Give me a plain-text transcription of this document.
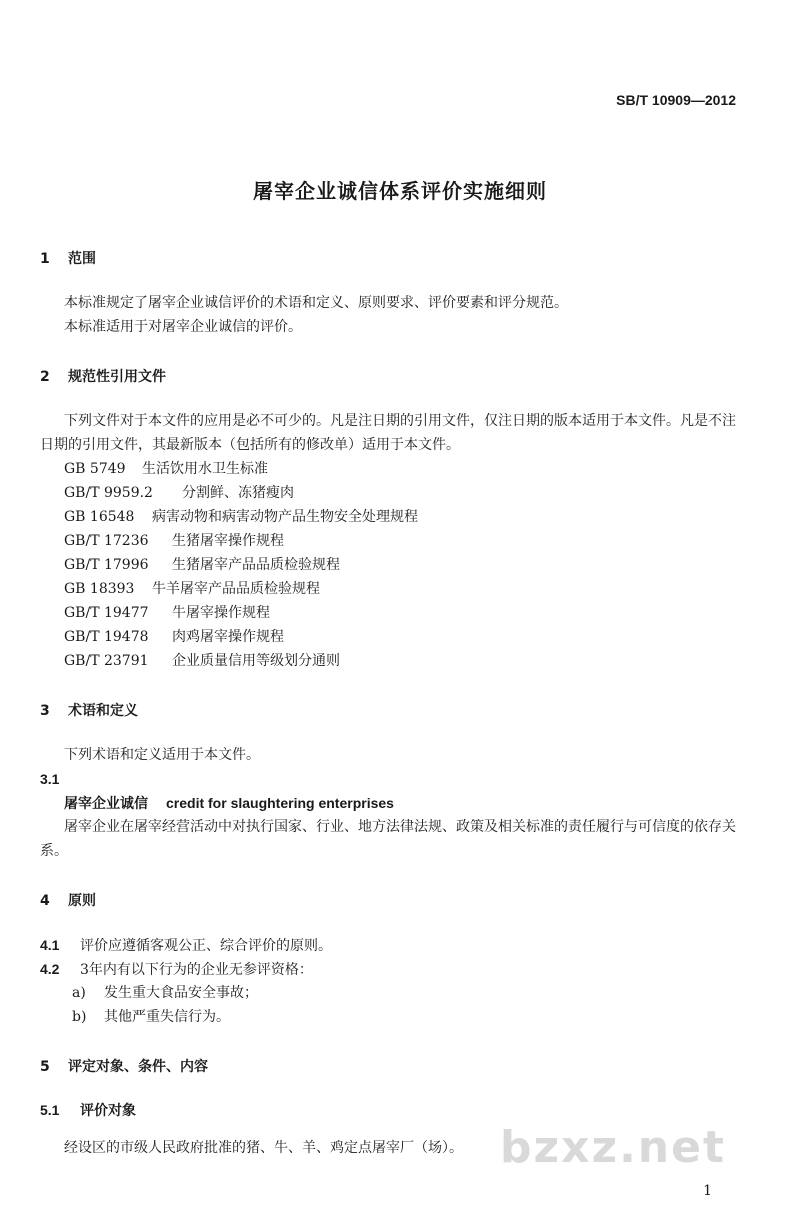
SB/T 10909—2012
屠宰企业诚信体系评价实施细则
1 范围
本标准规定了屠宰企业诚信评价的术语和定义、原则要求、评价要素和评分规范。
本标准适用于对屠宰企业诚信的评价。
2 规范性引用文件
下列文件对于本文件的应用是必不可少的。凡是注日期的引用文件，仅注日期的版本适用于本文件。凡是不注日期的引用文件，其最新版本（包括所有的修改单）适用于本文件。
GB 5749 生活饮用水卫生标准
GB/T 9959.2 分割鲜、冻猪瘦肉
GB 16548 病害动物和病害动物产品生物安全处理规程
GB/T 17236 生猪屠宰操作规程
GB/T 17996 生猪屠宰产品品质检验规程
GB 18393 牛羊屠宰产品品质检验规程
GB/T 19477 牛屠宰操作规程
GB/T 19478 肉鸡屠宰操作规程
GB/T 23791 企业质量信用等级划分通则
3 术语和定义
下列术语和定义适用于本文件。
3.1
屠宰企业诚信 credit for slaughtering enterprises
屠宰企业在屠宰经营活动中对执行国家、行业、地方法律法规、政策及相关标准的责任履行与可信度的依存关系。
4 原则
4.1 评价应遵循客观公正、综合评价的原则。
4.2 3年内有以下行为的企业无参评资格：
a) 发生重大食品安全事故；
b) 其他严重失信行为。
5 评定对象、条件、内容
5.1 评价对象
经设区的市级人民政府批准的猪、牛、羊、鸡定点屠宰厂（场）。 bzxz.net
1
